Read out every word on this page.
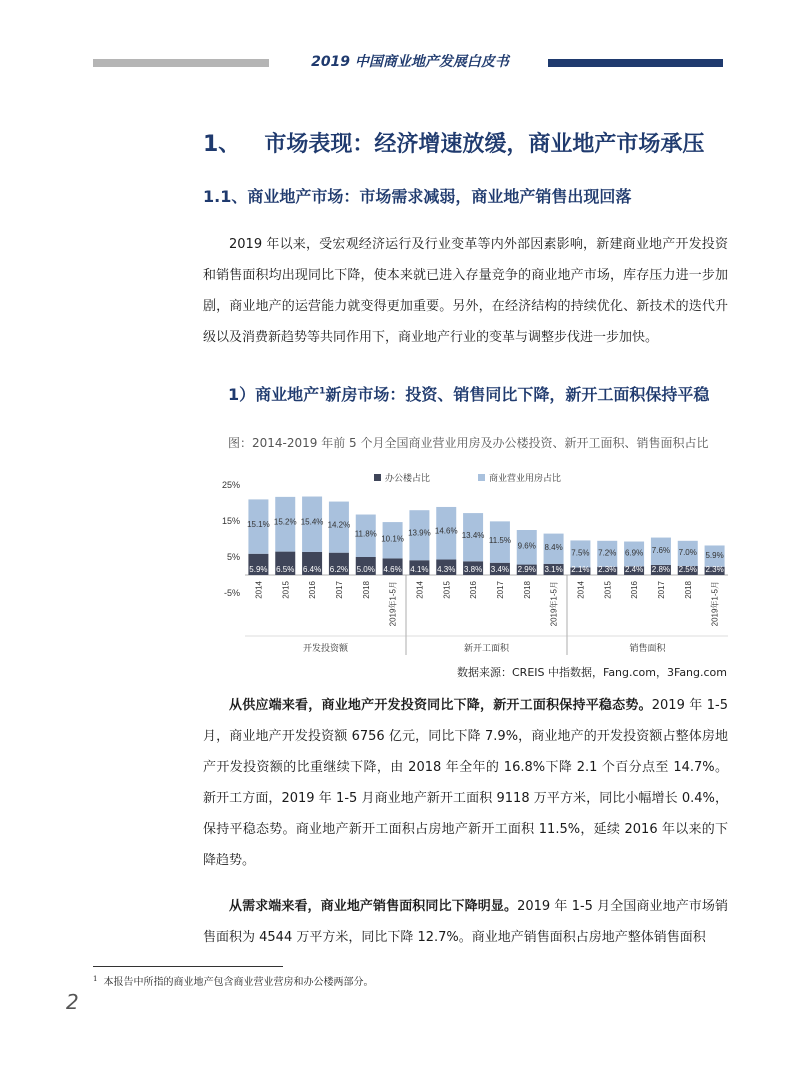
2019 中国商业地产发展白皮书
1、 市场表现：经济增速放缓，商业地产市场承压
1.1、商业地产市场：市场需求减弱，商业地产销售出现回落

2019 年以来，受宏观经济运行及行业变革等内外部因素影响，新建商业地产开发投资和销售面积均出现同比下降，使本来就已进入存量竞争的商业地产市场，库存压力进一步加剧，商业地产的运营能力就变得更加重要。另外，在经济结构的持续优化、新技术的迭代升级以及消费新趋势等共同作用下，商业地产行业的变革与调整步伐进一步加快。

1）商业地产$^1$新房市场：投资、销售同比下降，新开工面积保持平稳
图：2014-2019 年前 5 个月全国商业营业用房及办公楼投资、新开工面积、销售面积占比
办公楼占比	商业营业用房占比
25%
15%
5%
-5%
5.9%
15.1%
2014
6.5%
15.2%
2015
6.4%
15.4%
2016
6.2%
14.2%
2017
5.0%
11.8%
2018
4.6%
10.1%
2019年1-5月
开发投资额
4.1%
13.9%
2014
4.3%
14.6%
2015
3.8%
13.4%
2016
3.4%
11.5%
2017
2.9%
9.6%
2018
3.1%
8.4%
2019年1-5月
新开工面积
2.1%
7.5%
2014
2.3%
7.2%
2015
2.4%
6.9%
2016
2.8%
7.6%
2017
2.5%
7.0%
2018
2.3%
5.9%
2019年1-5月
销售面积
数据来源：CREIS 中指数据，Fang.com，3Fang.com

从供应端来看，商业地产开发投资同比下降，新开工面积保持平稳态势。2019 年 1-5 月，商业地产开发投资额 6756 亿元，同比下降 7.9%，商业地产的开发投资额占整体房地产开发投资额的比重继续下降，由 2018 年全年的 16.8%下降 2.1 个百分点至 14.7%。新开工方面，2019 年 1-5 月商业地产新开工面积 9118 万平方米，同比小幅增长 0.4%，保持平稳态势。商业地产新开工面积占房地产新开工面积 11.5%，延续 2016 年以来的下降趋势。

从需求端来看，商业地产销售面积同比下降明显。2019 年 1-5 月全国商业地产市场销售面积为 4544 万平方米，同比下降 12.7%。商业地产销售面积占房地产整体销售面积

$^1$ 本报告中所指的商业地产包含商业营业营房和办公楼两部分。
2
